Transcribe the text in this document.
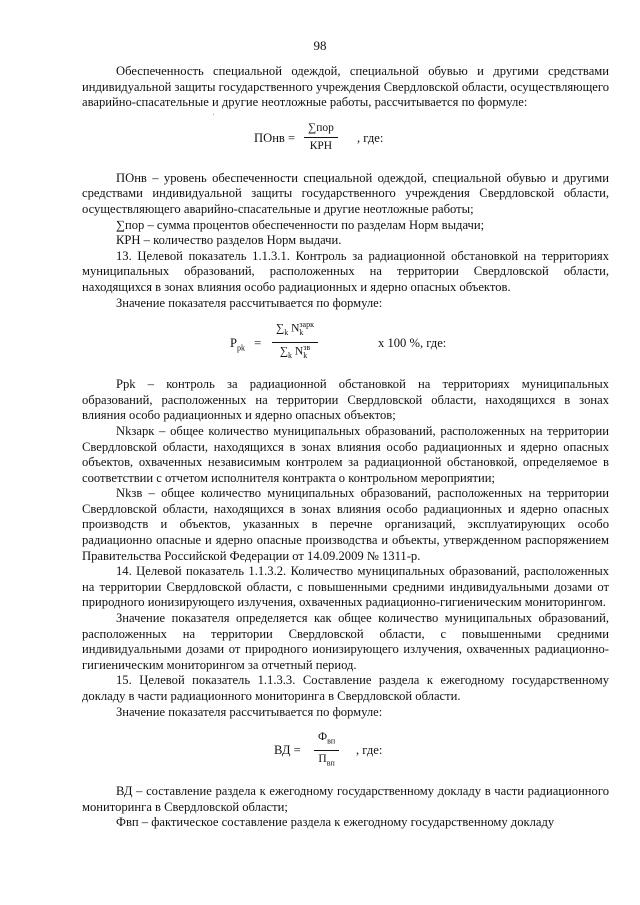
98
'

Обеспеченность специальной одеждой, специальной обувью и другими средствами индивидуальной защиты государственного учреждения Свердловской области, осуществляющего аварийно-спасательные и другие неотложные работы, рассчитывается по формуле:

ПОнв =
∑пор
КРН
, где:

ПОнв – уровень обеспеченности специальной одеждой, специальной обувью и другими средствами индивидуальной защиты государственного учреждения Свердловской области, осуществляющего аварийно-спасательные и другие неотложные работы;

∑пор – сумма процентов обеспеченности по разделам Норм выдачи;

КРН – количество разделов Норм выдачи.

13. Целевой показатель 1.1.3.1. Контроль за радиационной обстановкой на территориях муниципальных образований, расположенных на территории Свердловской области, находящихся в зонах влияния особо радиационных и ядерно опасных объектов.

Значение показателя рассчитывается по формуле:

$P_{pk}$ =
$\sum_k$ N зарк
k
$\sum_k$ N зв
k
x 100 %, где:

Ppk – контроль за радиационной обстановкой на территориях муниципальных образований, расположенных на территории Свердловской области, находящихся в зонах влияния особо радиационных и ядерно опасных объектов;

Nkзарк – общее количество муниципальных образований, расположенных на территории Свердловской области, находящихся в зонах влияния особо радиационных и ядерно опасных объектов, охваченных независимым контролем за радиационной обстановкой, определяемое в соответствии с отчетом исполнителя контракта о контрольном мероприятии;

Nkзв – общее количество муниципальных образований, расположенных на территории Свердловской области, находящихся в зонах влияния особо радиационных и ядерно опасных производств и объектов, указанных в перечне организаций, эксплуатирующих особо радиационно опасные и ядерно опасные производства и объекты, утвержденном распоряжением Правительства Российской Федерации от 14.09.2009 № 1311-р.

14. Целевой показатель 1.1.3.2. Количество муниципальных образований, расположенных на территории Свердловской области, с повышенными средними индивидуальными дозами от природного ионизирующего излучения, охваченных радиационно-гигиеническим мониторингом.

Значение показателя определяется как общее количество муниципальных образований, расположенных на территории Свердловской области, с повышенными средними индивидуальными дозами от природного ионизирующего излучения, охваченных радиационно-гигиеническим мониторингом за отчетный период.

15. Целевой показатель 1.1.3.3. Составление раздела к ежегодному государственному докладу в части радиационного мониторинга в Свердловской области.

Значение показателя рассчитывается по формуле:

ВД =
$Ф_{вп}$
$П_{вп}$
, где:

ВД – составление раздела к ежегодному государственному докладу в части радиационного мониторинга в Свердловской области;

Фвп – фактическое составление раздела к ежегодному государственному докладу
